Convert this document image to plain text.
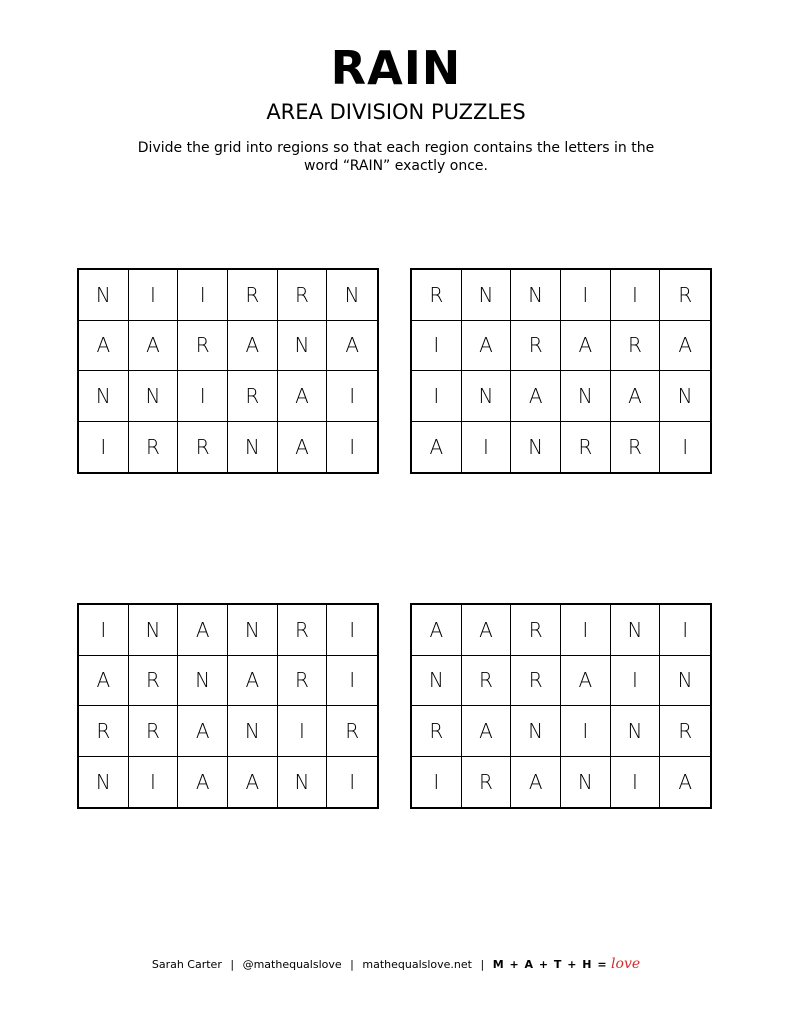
RAIN
AREA DIVISION PUZZLES
Divide the grid into regions so that each region contains the letters in the
word “RAIN” exactly once.
N	I	I	R	R	N
A	A	R	A	N	A
N	N	I	R	A	I
I	R	R	N	A	I
R	N	N	I	I	R
I	A	R	A	R	A
I	N	A	N	A	N
A	I	N	R	R	I
I	N	A	N	R	I
A	R	N	A	R	I
R	R	A	N	I	R
N	I	A	A	N	I
A	A	R	I	N	I
N	R	R	A	I	N
R	A	N	I	N	R
I	R	A	N	I	A
Sarah Carter | @mathequalslove | mathequalslove.net | M + A + T + H = love
